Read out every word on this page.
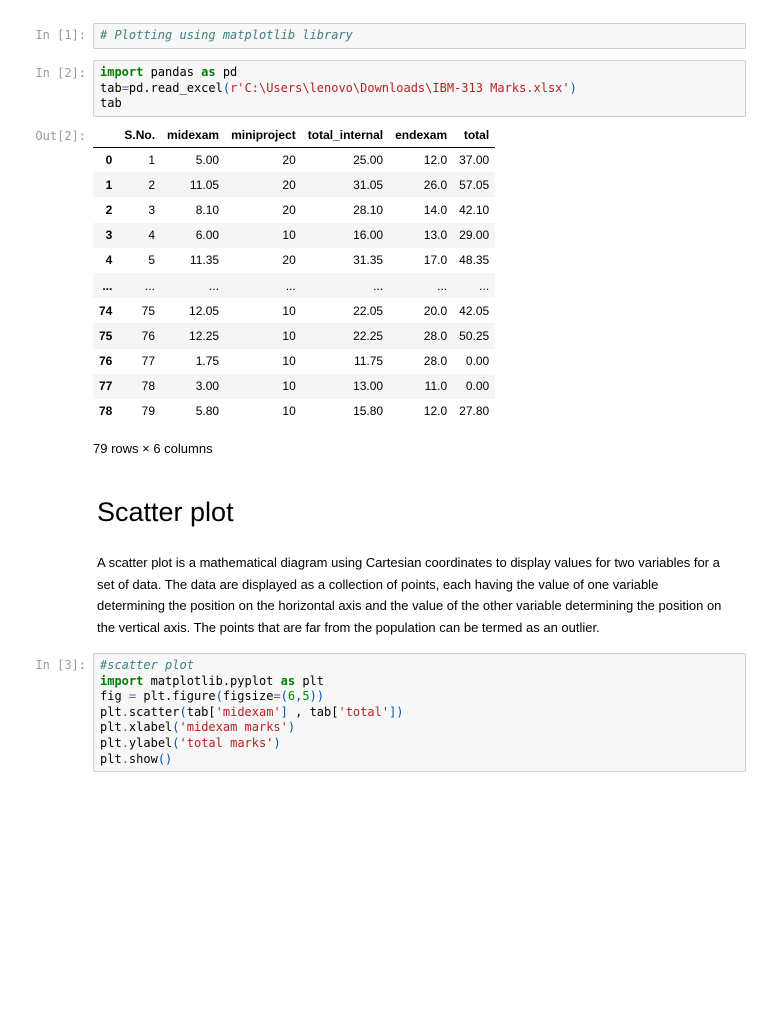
In [1]: # Plotting using matplotlib library
In [2]: import pandas as pd
tab=pd.read_excel(r'C:\Users\lenovo\Downloads\IBM-313 Marks.xlsx')
tab
Out[2]:
		S.No.	midexam	miniproject	total_internal	endexam	total
0	1	5.00	20	25.00	12.0	37.00
1	2	11.05	20	31.05	26.0	57.05
2	3	8.10	20	28.10	14.0	42.10
3	4	6.00	10	16.00	13.0	29.00
4	5	11.35	20	31.35	17.0	48.35
...	...	...	...	...	...	...
74	75	12.05	10	22.05	20.0	42.05
75	76	12.25	10	22.25	28.0	50.25
76	77	1.75	10	11.75	28.0	0.00
77	78	3.00	10	13.00	11.0	0.00
78	79	5.80	10	15.80	12.0	27.80
79 rows × 6 columns
Scatter plot

A scatter plot is a mathematical diagram using Cartesian coordinates to display values for two variables for a set of data. The data are displayed as a collection of points, each having the value of one variable determining the position on the horizontal axis and the value of the other variable determining the position on the vertical axis. The points that are far from the population can be termed as an outlier.

In [3]: #scatter plot
import matplotlib.pyplot as plt
fig = plt.figure(figsize=(6,5))
plt.scatter(tab['midexam'] , tab['total'])
plt.xlabel('midexam marks')
plt.ylabel('total marks')
plt.show()
